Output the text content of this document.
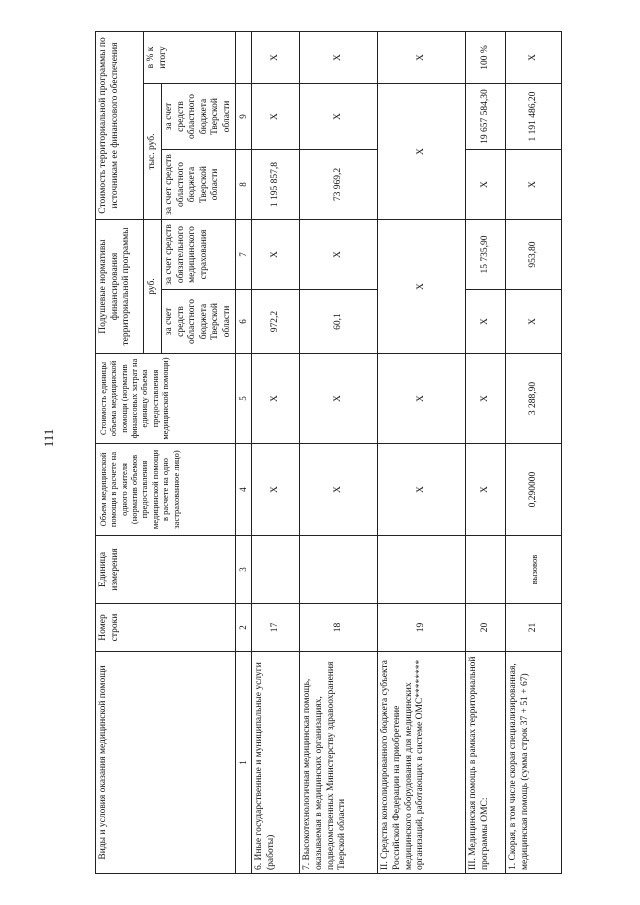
111
Виды и условия оказания медицинской помощи	Номер строки	Единица измерения	Объем медицинской помощи в расчете на одного жителя (норматив объемов предоставления медицинской помощи в расчете на одно застрахованное лицо)	Стоимость единицы объема медицинской помощи (норматив финансовых затрат на единицу объема предоставления медицинской помощи)	Подушевые нормативы финансирования территориальной программы		Стоимость территориальной программы по источникам ее финансового обеспечения		
					руб.		тыс. руб.		в % к итогу
					за счет средств областного бюджета Тверской области	за счет средств обязательного медицинского страхования	за счет средств областного бюджета Тверской области	за счет средств областного бюджета Тверской области	
1	2	3	4	5	6	7	8	9	
6. Иные государственные и муниципальные услуги (работы)	17		X	X	972,2	X	1 195 857,8	X	X
7. Высокотехнологичная медицинская помощь, оказываемая в медицинских организациях, подведомственных Министерству здравоохранения Тверской области	18		X	X	60,1	X	73 969,2	X	X
II. Средства консолидированного бюджета субъекта Российской Федерации на приобретение медицинского оборудования для медицинских организаций, работающих в системе ОМС********	19		X	X	X		X		X
III. Медицинская помощь в рамках территориальной программы ОМС:	20		X	X	X	15 735,90	X	19 657 584,30	100 %
1. Скорая, в том числе скорая специализированная, медицинская помощь (сумма строк 37 + 51 + 67)	21	вызовов	0,290000	3 288,90	X	953,80	X	1 191 486,20	X
